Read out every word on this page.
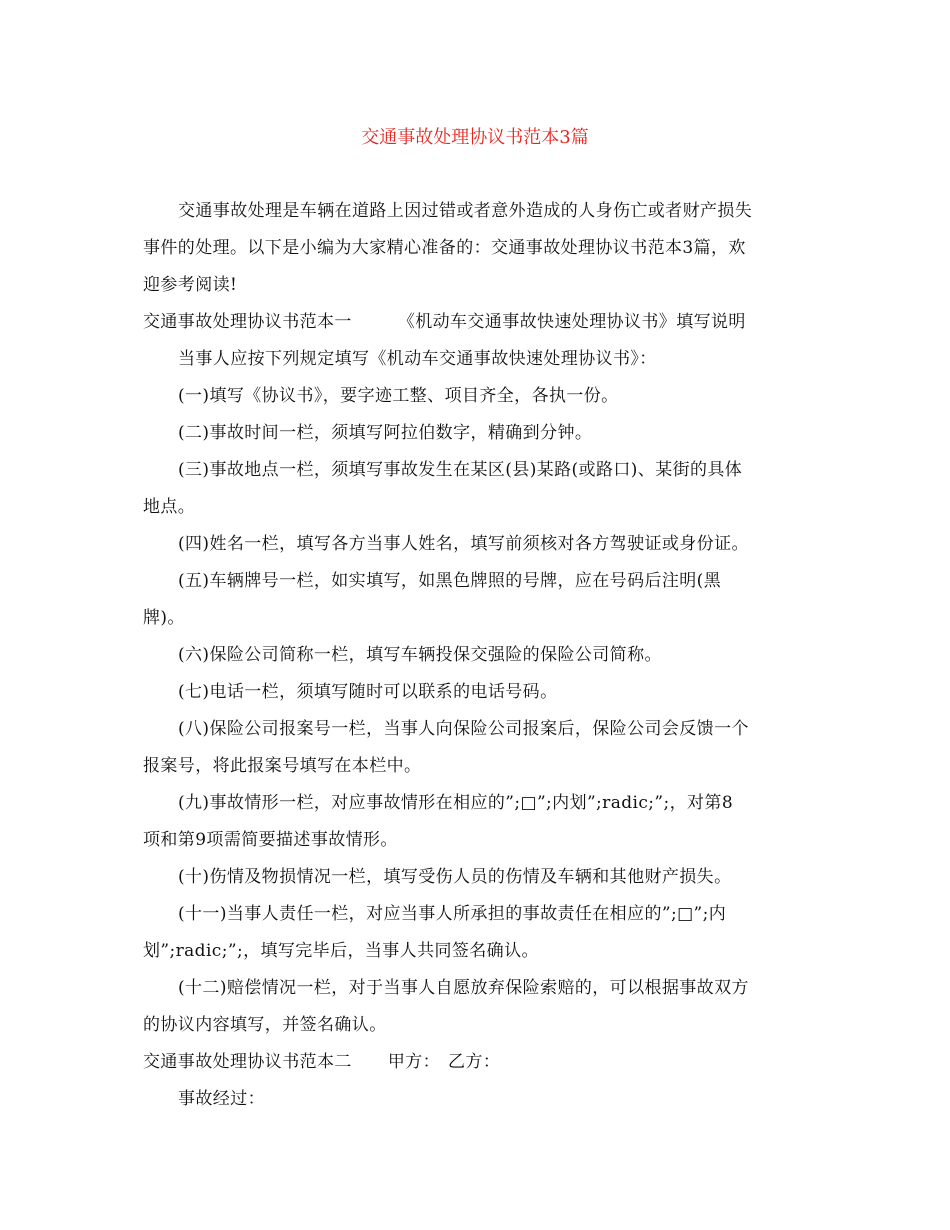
交通事故处理协议书范本3篇
交通事故处理是车辆在道路上因过错或者意外造成的人身伤亡或者财产损失
事件的处理。以下是小编为大家精心准备的：交通事故处理协议书范本3篇，欢
迎参考阅读!
交通事故处理协议书范本一	《机动车交通事故快速处理协议书》填写说明
当事人应按下列规定填写《机动车交通事故快速处理协议书》：
(一)填写《协议书》，要字迹工整、项目齐全，各执一份。
(二)事故时间一栏，须填写阿拉伯数字，精确到分钟。
(三)事故地点一栏，须填写事故发生在某区(县)某路(或路口)、某街的具体
地点。
(四)姓名一栏，填写各方当事人姓名，填写前须核对各方驾驶证或身份证。
(五)车辆牌号一栏，如实填写，如黑色牌照的号牌，应在号码后注明(黑
牌)。
(六)保险公司简称一栏，填写车辆投保交强险的保险公司简称。
(七)电话一栏，须填写随时可以联系的电话号码。
(八)保险公司报案号一栏，当事人向保险公司报案后，保险公司会反馈一个
报案号，将此报案号填写在本栏中。
(九)事故情形一栏，对应事故情形在相应的”;□”;内划”;radic;”;，对第8
项和第9项需简要描述事故情形。
(十)伤情及物损情况一栏，填写受伤人员的伤情及车辆和其他财产损失。
(十一)当事人责任一栏，对应当事人所承担的事故责任在相应的”;□”;内
划”;radic;”;，填写完毕后，当事人共同签名确认。
(十二)赔偿情况一栏，对于当事人自愿放弃保险索赔的，可以根据事故双方
的协议内容填写，并签名确认。
交通事故处理协议书范本二 甲方： 乙方：
事故经过：
